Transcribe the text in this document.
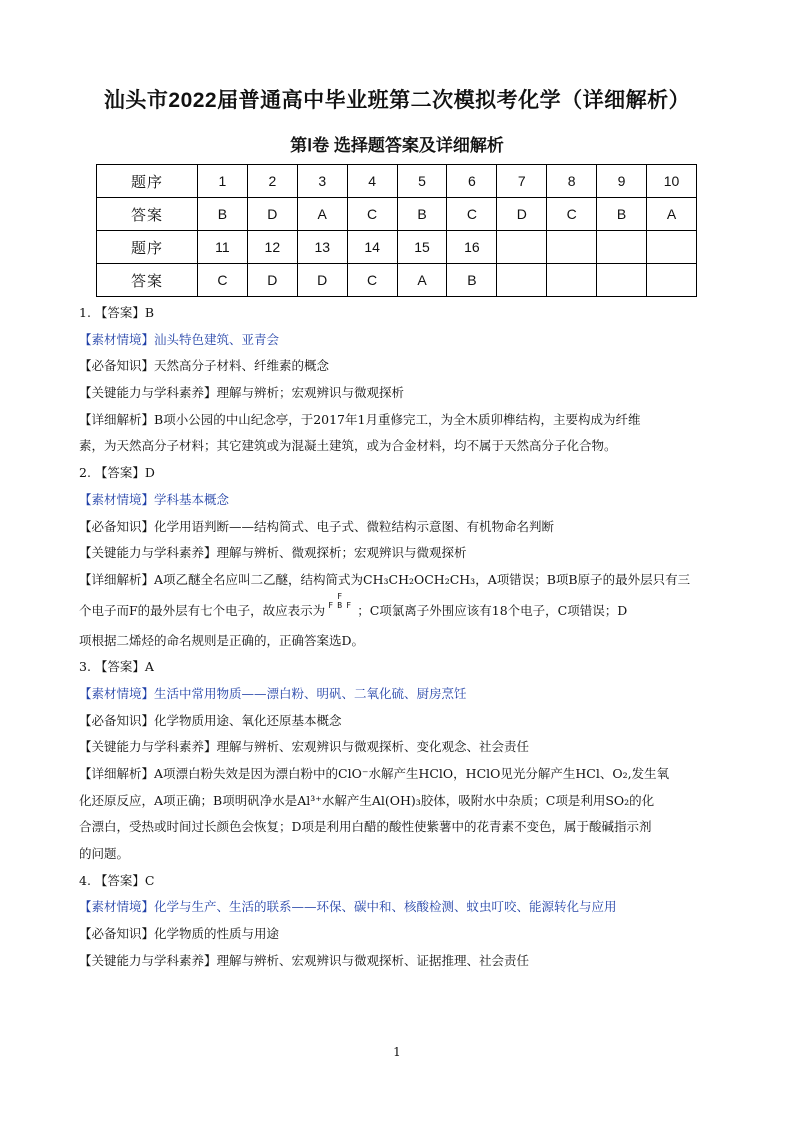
汕头市2022届普通高中毕业班第二次模拟考化学（详细解析）
第Ⅰ卷 选择题答案及详细解析
题序	1	2	3	4	5	6	7	8	9	10
答案	B	D	A	C	B	C	D	C	B	A
题序	11	12	13	14	15	16				
答案	C	D	D	C	A	B				
1. 【答案】B
【素材情境】汕头特色建筑、亚青会
【必备知识】天然高分子材料、纤维素的概念
【关键能力与学科素养】理解与辨析；宏观辨识与微观探析
【详细解析】B项小公园的中山纪念亭，于2017年1月重修完工，为全木质卯榫结构，主要构成为纤维
素，为天然高分子材料；其它建筑或为混凝土建筑，或为合金材料，均不属于天然高分子化合物。
2. 【答案】D
【素材情境】学科基本概念
【必备知识】化学用语判断——结构简式、电子式、微粒结构示意图、有机物命名判断
【关键能力与学科素养】理解与辨析、微观探析；宏观辨识与微观探析
【详细解析】A项乙醚全名应叫二乙醚，结构简式为CH₃CH₂OCH₂CH₃，A项错误；B项B原子的最外层只有三
个电子而F的最外层有七个电子，故应表示为
F
F B F ；C项氯离子外围应该有18个电子，C项错误；D
项根据二烯烃的命名规则是正确的，正确答案选D。
3. 【答案】A
【素材情境】生活中常用物质——漂白粉、明矾、二氧化硫、厨房烹饪
【必备知识】化学物质用途、氧化还原基本概念
【关键能力与学科素养】理解与辨析、宏观辨识与微观探析、变化观念、社会责任
【详细解析】A项漂白粉失效是因为漂白粉中的ClO⁻水解产生HClO，HClO见光分解产生HCl、O₂,发生氧
化还原反应，A项正确；B项明矾净水是Al³⁺水解产生Al(OH)₃胶体，吸附水中杂质；C项是利用SO₂的化
合漂白，受热或时间过长颜色会恢复；D项是利用白醋的酸性使紫薯中的花青素不变色，属于酸碱指示剂
的问题。
4. 【答案】C
【素材情境】化学与生产、生活的联系——环保、碳中和、核酸检测、蚊虫叮咬、能源转化与应用
【必备知识】化学物质的性质与用途
【关键能力与学科素养】理解与辨析、宏观辨识与微观探析、证据推理、社会责任
1
